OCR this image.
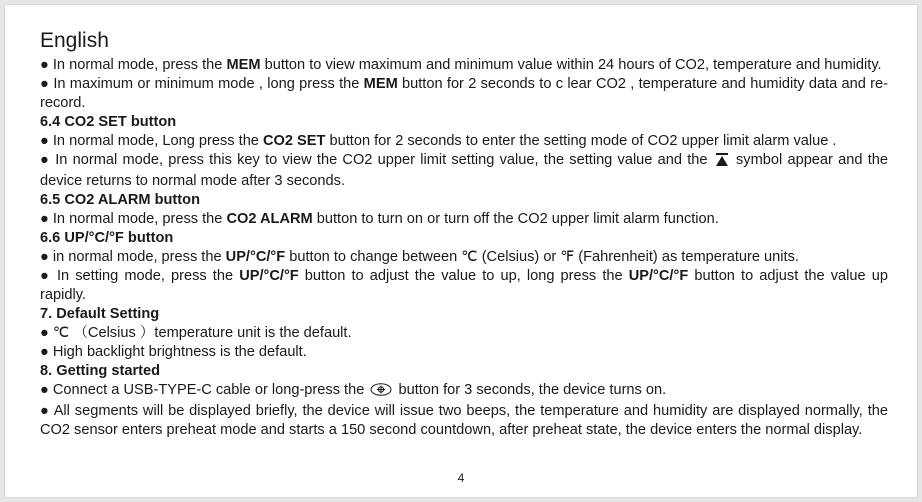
English

● In normal mode, press the MEM button to view maximum and minimum value within 24 hours of CO2, temperature and humidity.

● In maximum or minimum mode , long press the MEM button for 2 seconds to c lear CO2 , temperature and humidity data and re-record.

6.4 CO2 SET button

● In normal mode, Long press the CO2 SET button for 2 seconds to enter the setting mode of CO2 upper limit alarm value .

● In normal mode, press this key to view the CO2 upper limit setting value, the setting value and the  symbol appear and the device returns to normal mode after 3 seconds.

6.5 CO2 ALARM button

● In normal mode, press the CO2 ALARM button to turn on or turn off the CO2 upper limit alarm function.

6.6 UP/°C/°F button

● in normal mode, press the UP/°C/°F button to change between ℃ (Celsius) or ℉ (Fahrenheit) as temperature units.

● In setting mode, press the UP/°C/°F button to adjust the value to up, long press the UP/°C/°F button to adjust the value up rapidly.

7. Default Setting

● ℃ （Celsius ）temperature unit is the default.

● High backlight brightness is the default.

8. Getting started

● Connect a USB-TYPE-C cable or long-press the  button for 3 seconds, the device turns on.

● All segments will be displayed briefly, the device will issue two beeps, the temperature and humidity are displayed normally, the CO2 sensor enters preheat mode and starts a 150 second countdown, after preheat state, the device enters the normal display.

4
